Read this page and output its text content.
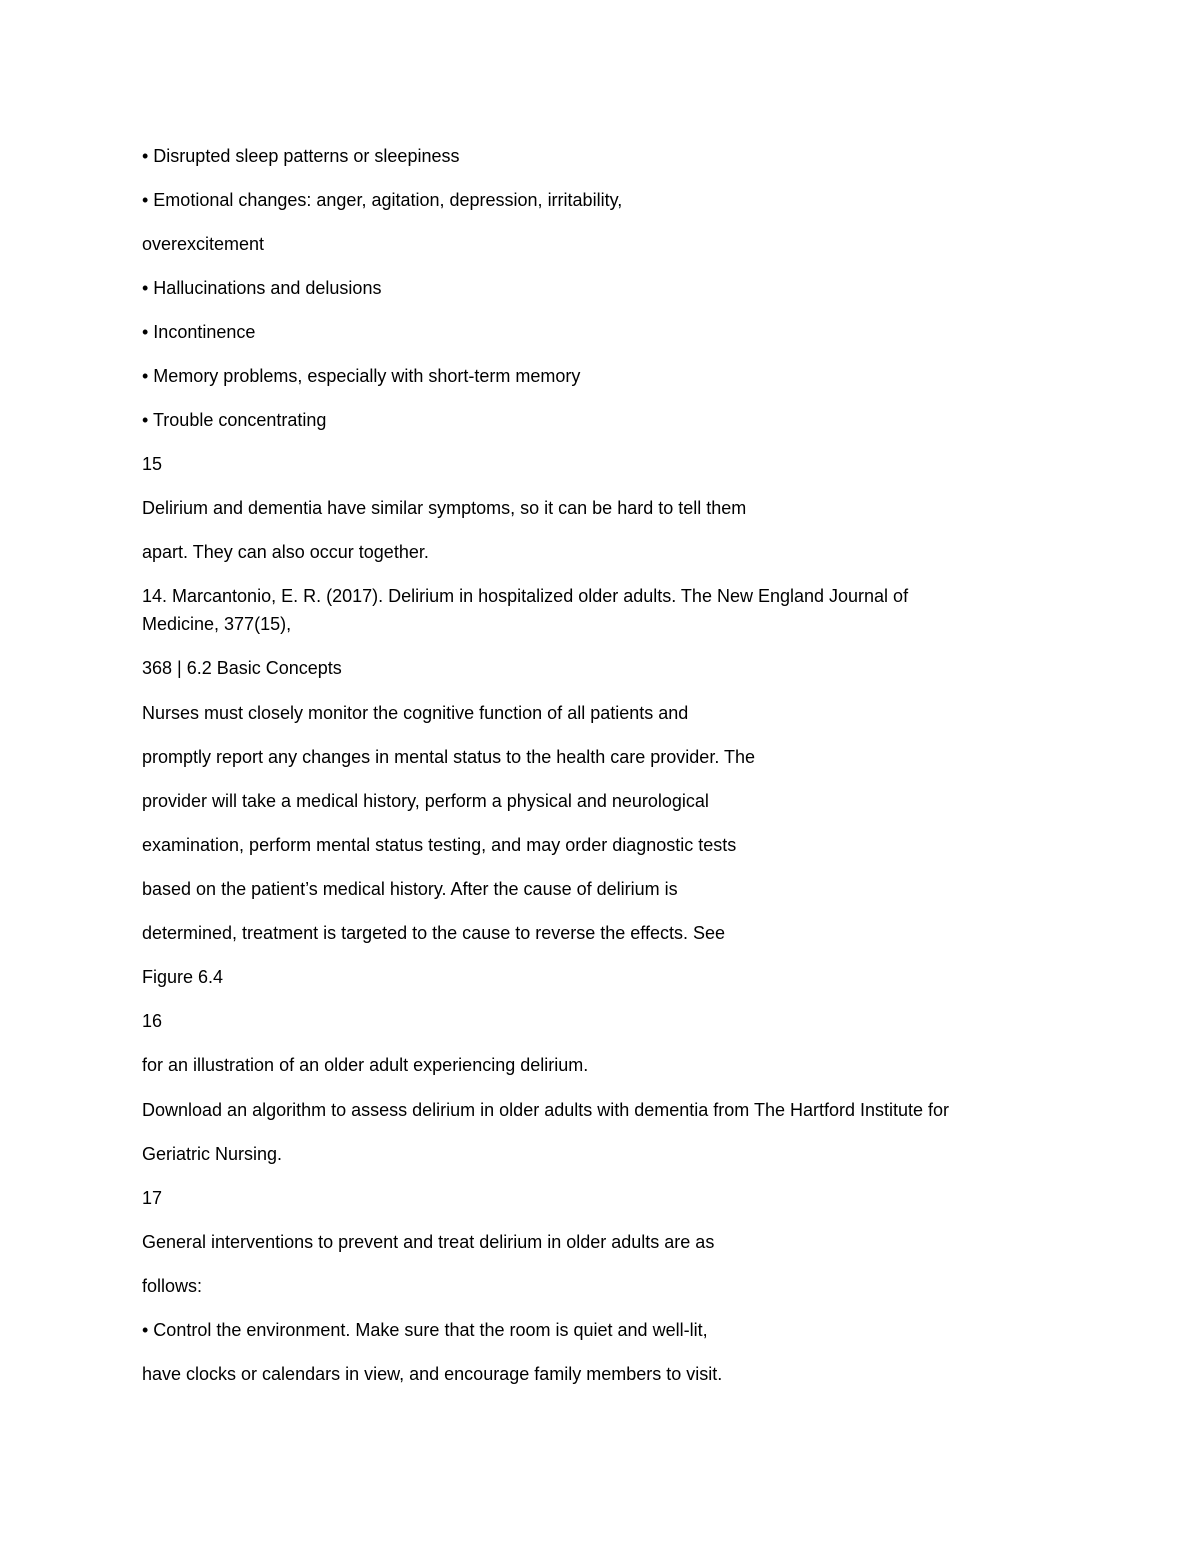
• Disrupted sleep patterns or sleepiness

• Emotional changes: anger, agitation, depression, irritability,

overexcitement

• Hallucinations and delusions

• Incontinence

• Memory problems, especially with short-term memory

• Trouble concentrating

15

Delirium and dementia have similar symptoms, so it can be hard to tell them

apart. They can also occur together.

14. Marcantonio, E. R. (2017). Delirium in hospitalized older adults. The New England Journal of

Medicine, 377(15),

368 | 6.2 Basic Concepts

Nurses must closely monitor the cognitive function of all patients and

promptly report any changes in mental status to the health care provider. The

provider will take a medical history, perform a physical and neurological

examination, perform mental status testing, and may order diagnostic tests

based on the patient’s medical history. After the cause of delirium is

determined, treatment is targeted to the cause to reverse the effects. See

Figure 6.4

16

for an illustration of an older adult experiencing delirium.

Download an algorithm to assess delirium in older adults with dementia from The Hartford Institute for

Geriatric Nursing.

17

General interventions to prevent and treat delirium in older adults are as

follows:

• Control the environment. Make sure that the room is quiet and well-lit,

have clocks or calendars in view, and encourage family members to visit.
